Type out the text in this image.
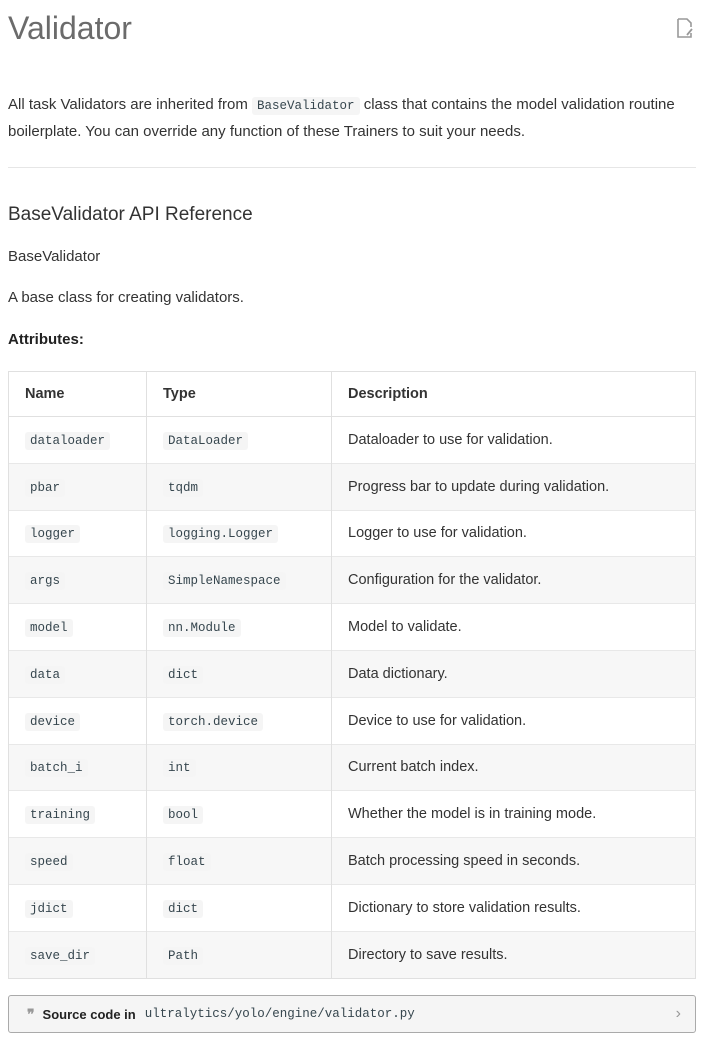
Validator

All task Validators are inherited from BaseValidator class that contains the model validation routine boilerplate. You can override any function of these Trainers to suit your needs.

BaseValidator API Reference

BaseValidator

A base class for creating validators.

Attributes:

Name	Type	Description
dataloader	DataLoader	Dataloader to use for validation.
pbar	tqdm	Progress bar to update during validation.
logger	logging.Logger	Logger to use for validation.
args	SimpleNamespace	Configuration for the validator.
model	nn.Module	Model to validate.
data	dict	Data dictionary.
device	torch.device	Device to use for validation.
batch_i	int	Current batch index.
training	bool	Whether the model is in training mode.
speed	float	Batch processing speed in seconds.
jdict	dict	Dictionary to store validation results.
save_dir	Path	Directory to save results.
❞ Source code in ultralytics/yolo/engine/validator.py	›
